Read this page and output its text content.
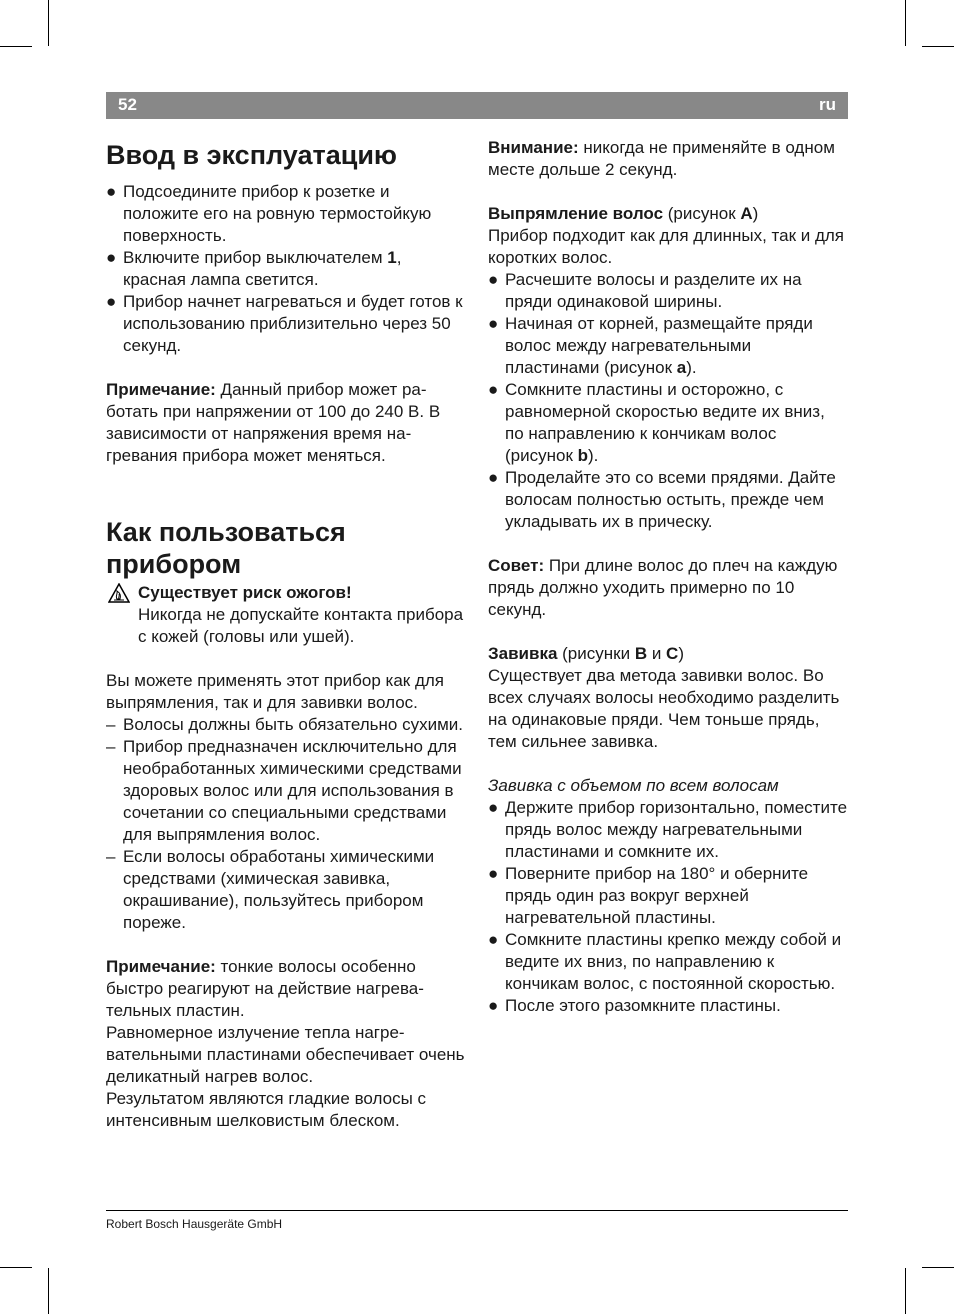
52	ru
Ввод в эксплуатацию
● Подсоедините прибор к розетке и положите его на ровную термостойкую поверхность.
● Включите прибор выключателем 1, красная лампа светится.
● Прибор начнет нагреваться и будет готов к использованию приблизительно через 50 секунд.

Примечание: Данный прибор может ра-ботать при напряжении от 100 до 240 В. В зависимости от напряжения время на-гревания прибора может меняться.

Как пользоваться прибором
Существует риск ожогов!
Никогда не допускайте контакта прибора с кожей (головы или ушей).

Вы можете применять этот прибор как для выпрямления, так и для завивки волос.

– Волосы должны быть обязательно сухими.
– Прибор предназначен исключительно для необработанных химическими средствами здоровых волос или для использования в сочетании со специальными средствами для выпрямления волос.
– Если волосы обработаны химическими средствами (химическая завивка, окрашивание), пользуйтесь прибором пореже.

Примечание: тонкие волосы особенно быстро реагируют на действие нагрева-тельных пластин.

Равномерное излучение тепла нагре-вательными пластинами обеспечивает очень деликатный нагрев волос.

Результатом являются гладкие волосы с интенсивным шелковистым блеском.

Внимание: никогда не применяйте в одном месте дольше 2 секунд.

Выпрямление волос (рисунок A)

Прибор подходит как для длинных, так и для коротких волос.

● Расчешите волосы и разделите их на пряди одинаковой ширины.
● Начиная от корней, размещайте пряди волос между нагревательными пластинами (рисунок a).
● Сомкните пластины и осторожно, с равномерной скоростью ведите их вниз, по направлению к кончикам волос (рисунок b).
● Проделайте это со всеми прядями. Дайте волосам полностью остыть, прежде чем укладывать их в прическу.

Совет: При длине волос до плеч на каждую прядь должно уходить примерно по 10 секунд.

Завивка (рисунки B и C)

Существует два метода завивки волос. Во всех случаях волосы необходимо разделить на одинаковые пряди. Чем тоньше прядь, тем сильнее завивка.

Завивка с объемом по всем волосам

● Держите прибор горизонтально, поместите прядь волос между нагревательными пластинами и сомкните их.
● Поверните прибор на 180° и оберните прядь один раз вокруг верхней нагревательной пластины.
● Сомкните пластины крепко между собой и ведите их вниз, по направлению к кончикам волос, с постоянной скоростью.
● После этого разомкните пластины.
Robert Bosch Hausgeräte GmbH
